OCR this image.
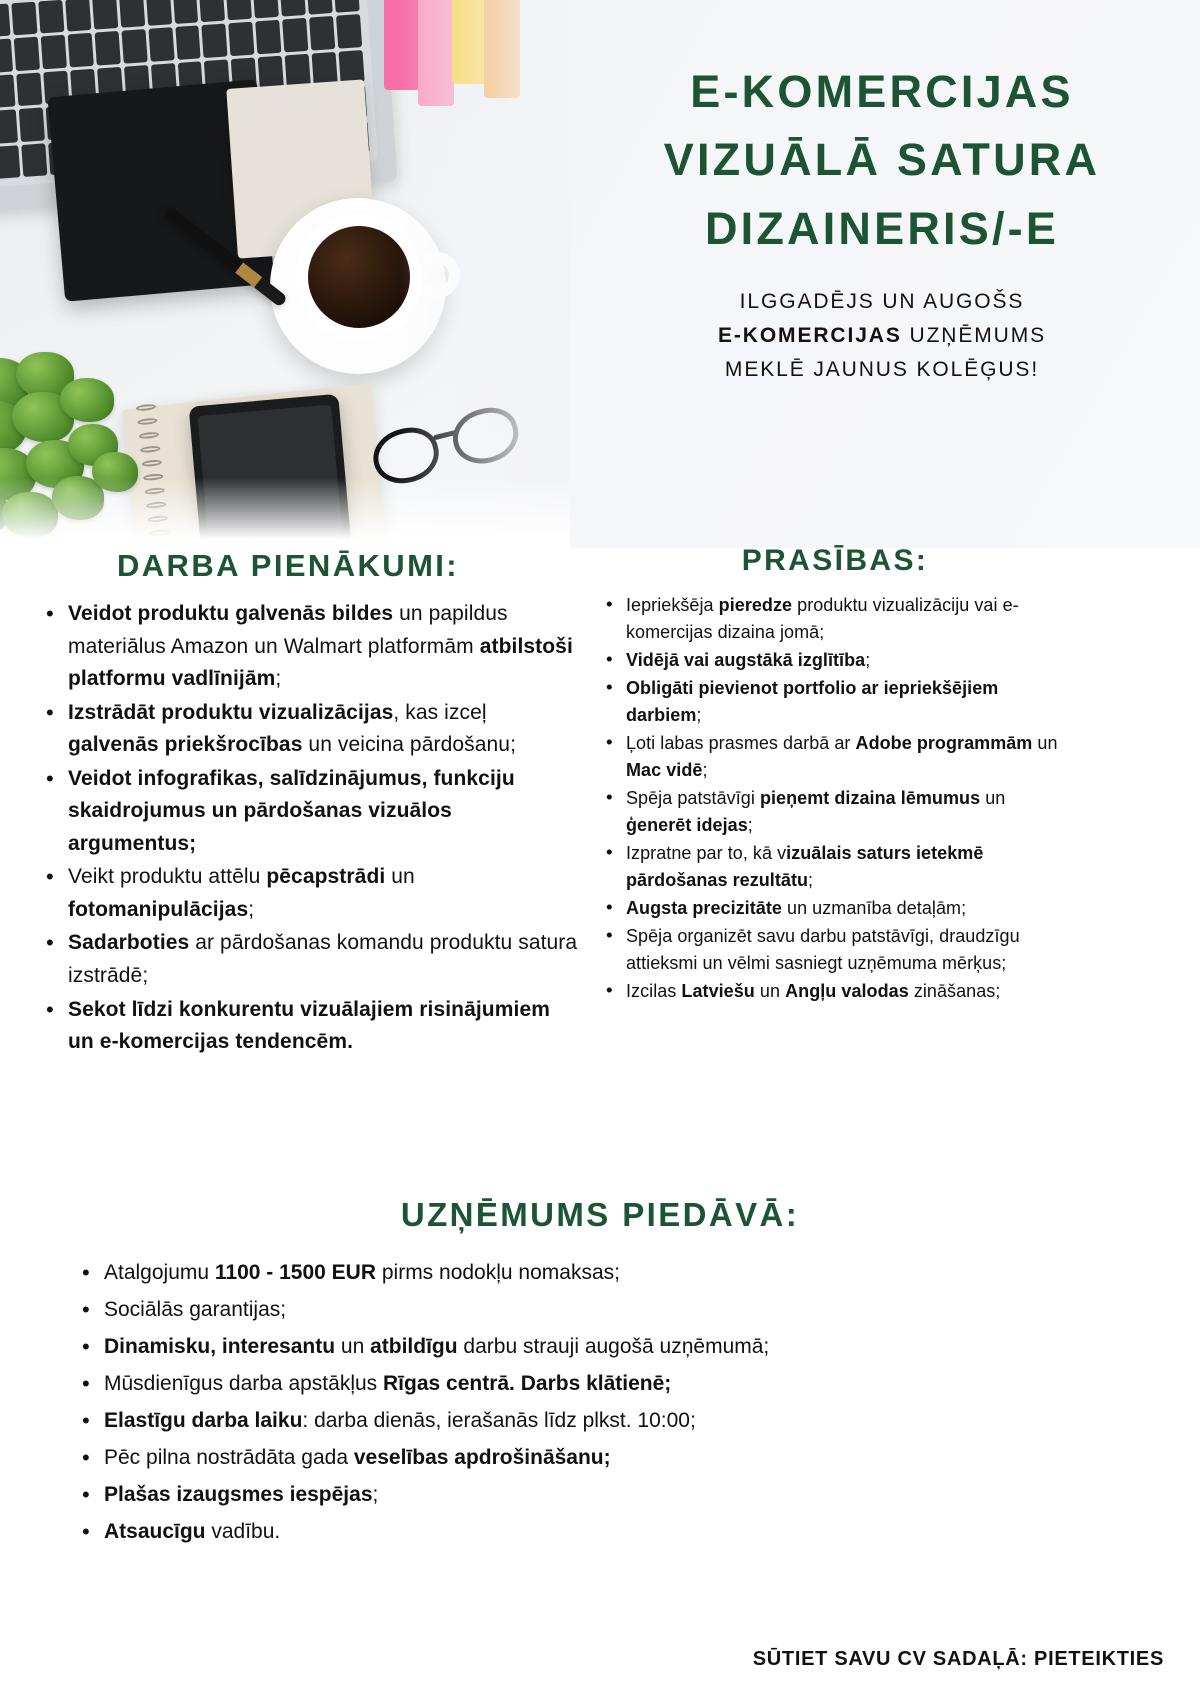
E-KOMERCIJAS VIZUĀLĀ SATURA DIZAINERIS/-E
ILGGADĒJS UN AUGOŠS
E-KOMERCIJAS UZŅĒMUMS
MEKLĒ JAUNUS KOLĒĢUS!
DARBA PIENĀKUMI:
• Veidot produktu galvenās bildes un papildus materiālus Amazon un Walmart platformām atbilstoši platformu vadlīnijām;
• Izstrādāt produktu vizualizācijas, kas izceļ galvenās priekšrocības un veicina pārdošanu;
• Veidot infografikas, salīdzinājumus, funkciju skaidrojumus un pārdošanas vizuālos argumentus;
• Veikt produktu attēlu pēcapstrādi un fotomanipulācijas;
• Sadarboties ar pārdošanas komandu produktu satura izstrādē;
• Sekot līdzi konkurentu vizuālajiem risinājumiem un e-komercijas tendencēm.
PRASĪBAS:
• Iepriekšēja pieredze produktu vizualizāciju vai e-komercijas dizaina jomā;
• Vidējā vai augstākā izglītība;
• Obligāti pievienot portfolio ar iepriekšējiem darbiem;
• Ļoti labas prasmes darbā ar Adobe programmām un Mac vidē;
• Spēja patstāvīgi pieņemt dizaina lēmumus un ģenerēt idejas;
• Izpratne par to, kā vizuālais saturs ietekmē pārdošanas rezultātu;
• Augsta precizitāte un uzmanība detaļām;
• Spēja organizēt savu darbu patstāvīgi, draudzīgu attieksmi un vēlmi sasniegt uzņēmuma mērķus;
• Izcilas Latviešu un Angļu valodas zināšanas;
UZŅĒMUMS PIEDĀVĀ:
• Atalgojumu 1100 - 1500 EUR pirms nodokļu nomaksas;
• Sociālās garantijas;
• Dinamisku, interesantu un atbildīgu darbu strauji augošā uzņēmumā;
• Mūsdienīgus darba apstākļus Rīgas centrā. Darbs klātienē;
• Elastīgu darba laiku: darba dienās, ierašanās līdz plkst. 10:00;
• Pēc pilna nostrādāta gada veselības apdrošināšanu;
• Plašas izaugsmes iespējas;
• Atsaucīgu vadību.
SŪTIET SAVU CV SADAĻĀ: PIETEIKTIES
